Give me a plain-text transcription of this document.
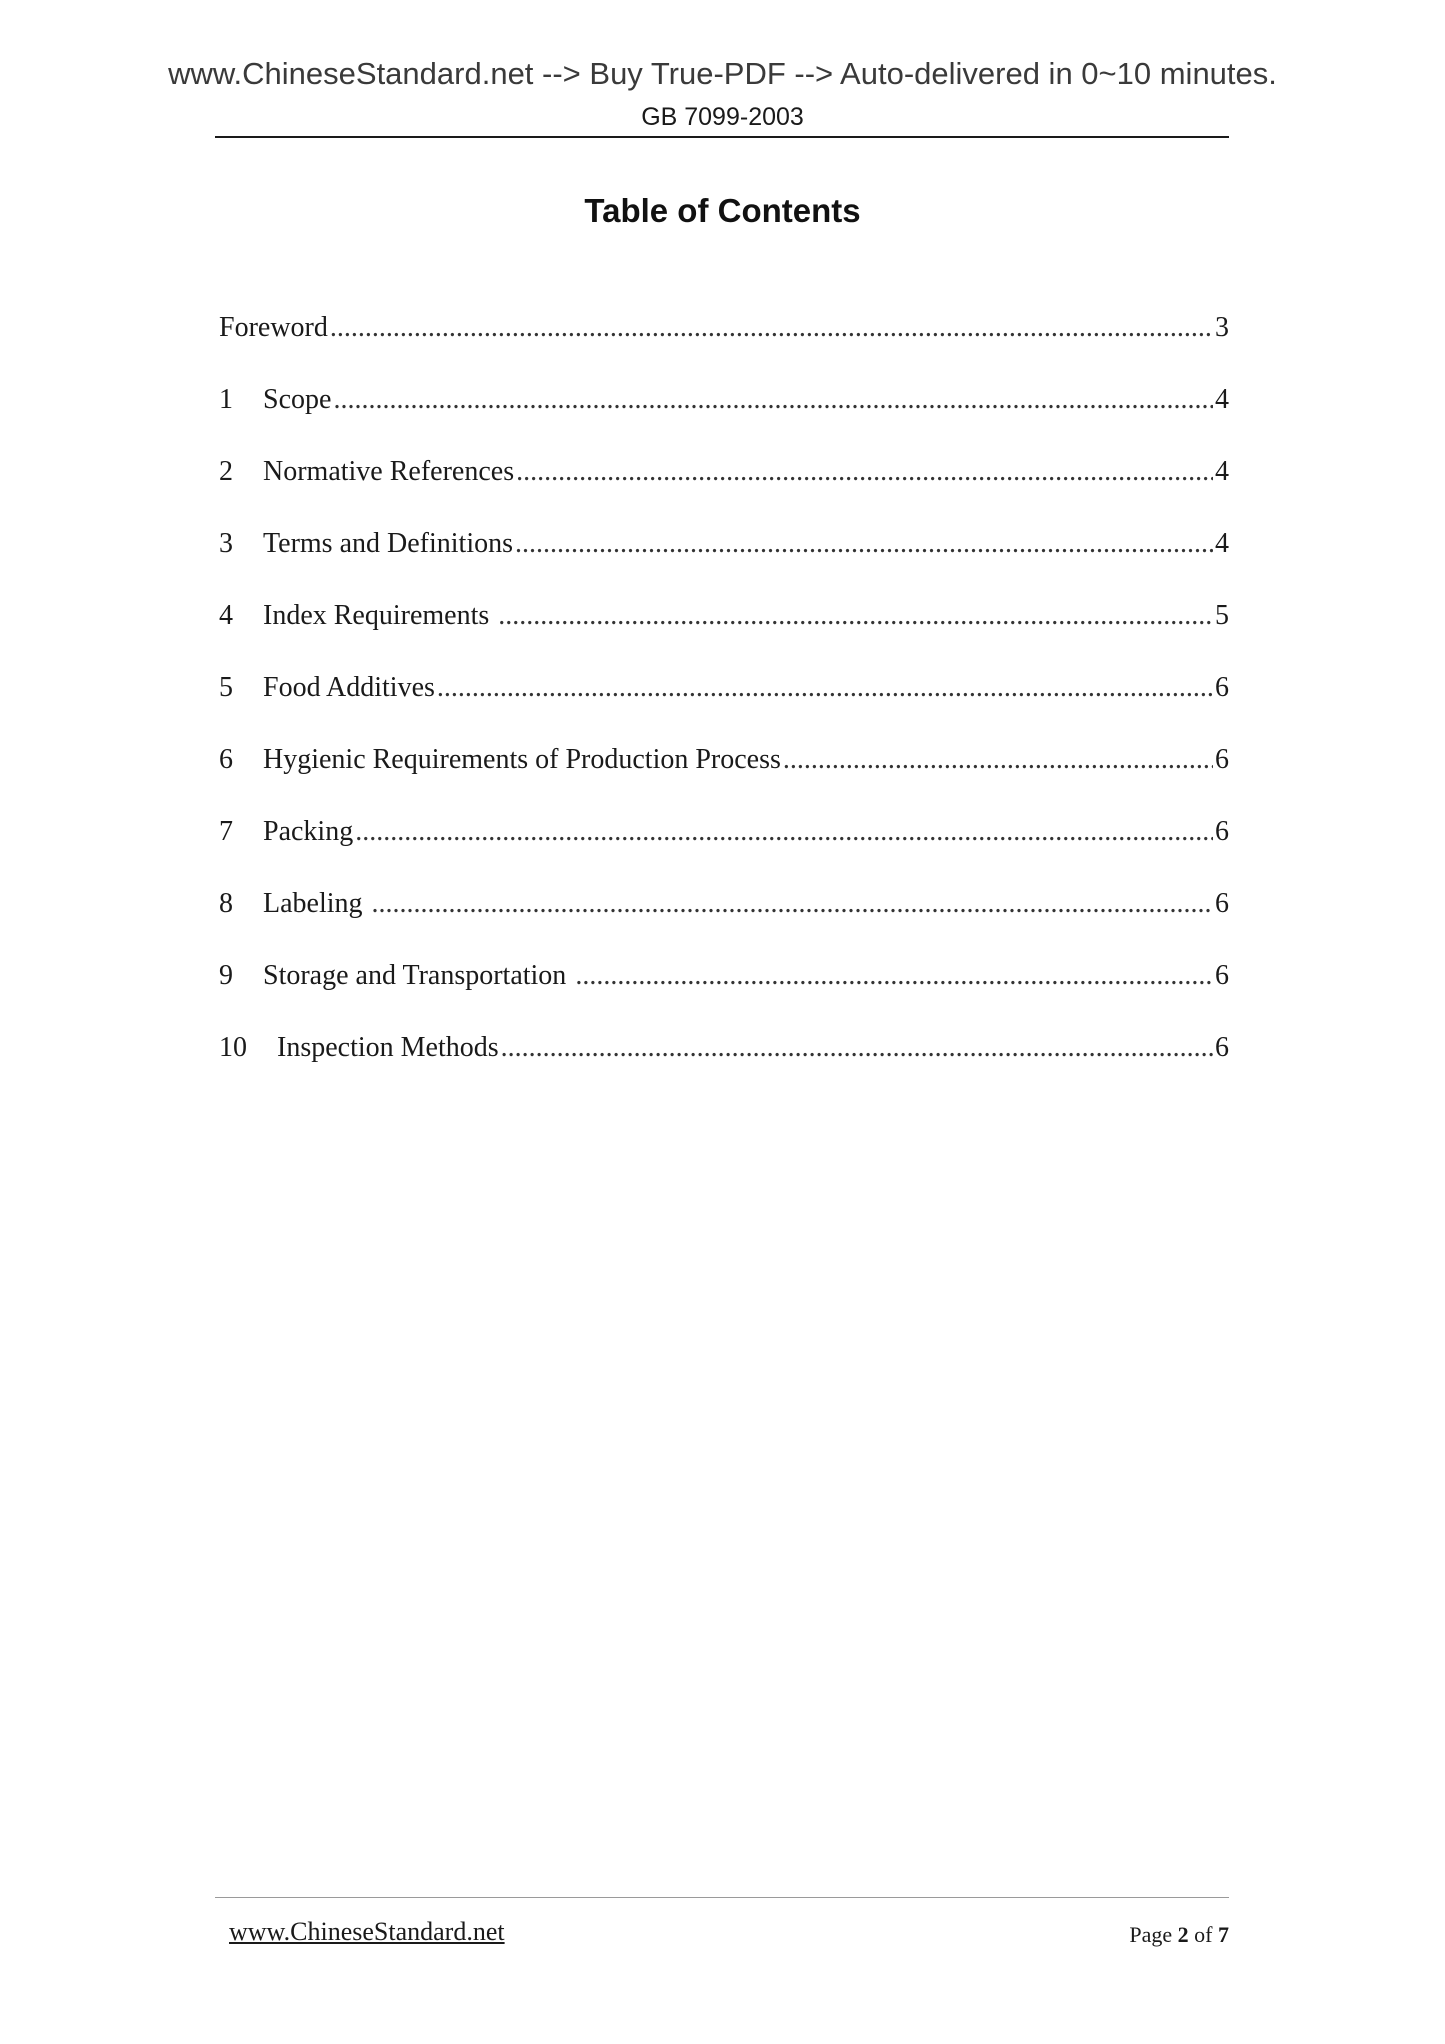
www.ChineseStandard.net --> Buy True-PDF --> Auto-delivered in 0~10 minutes.
GB 7099-2003
Table of Contents
Foreword .....	3
1	Scope .....	4
2	Normative References .....	4
3	Terms and Definitions .....	4
4	Index Requirements .....	5
5	Food Additives .....	6
6	Hygienic Requirements of Production Process .....	6
7	Packing .....	6
8	Labeling .....	6
9	Storage and Transportation .....	6
10	Inspection Methods .....	6
www.ChineseStandard.net	Page 2 of 7
